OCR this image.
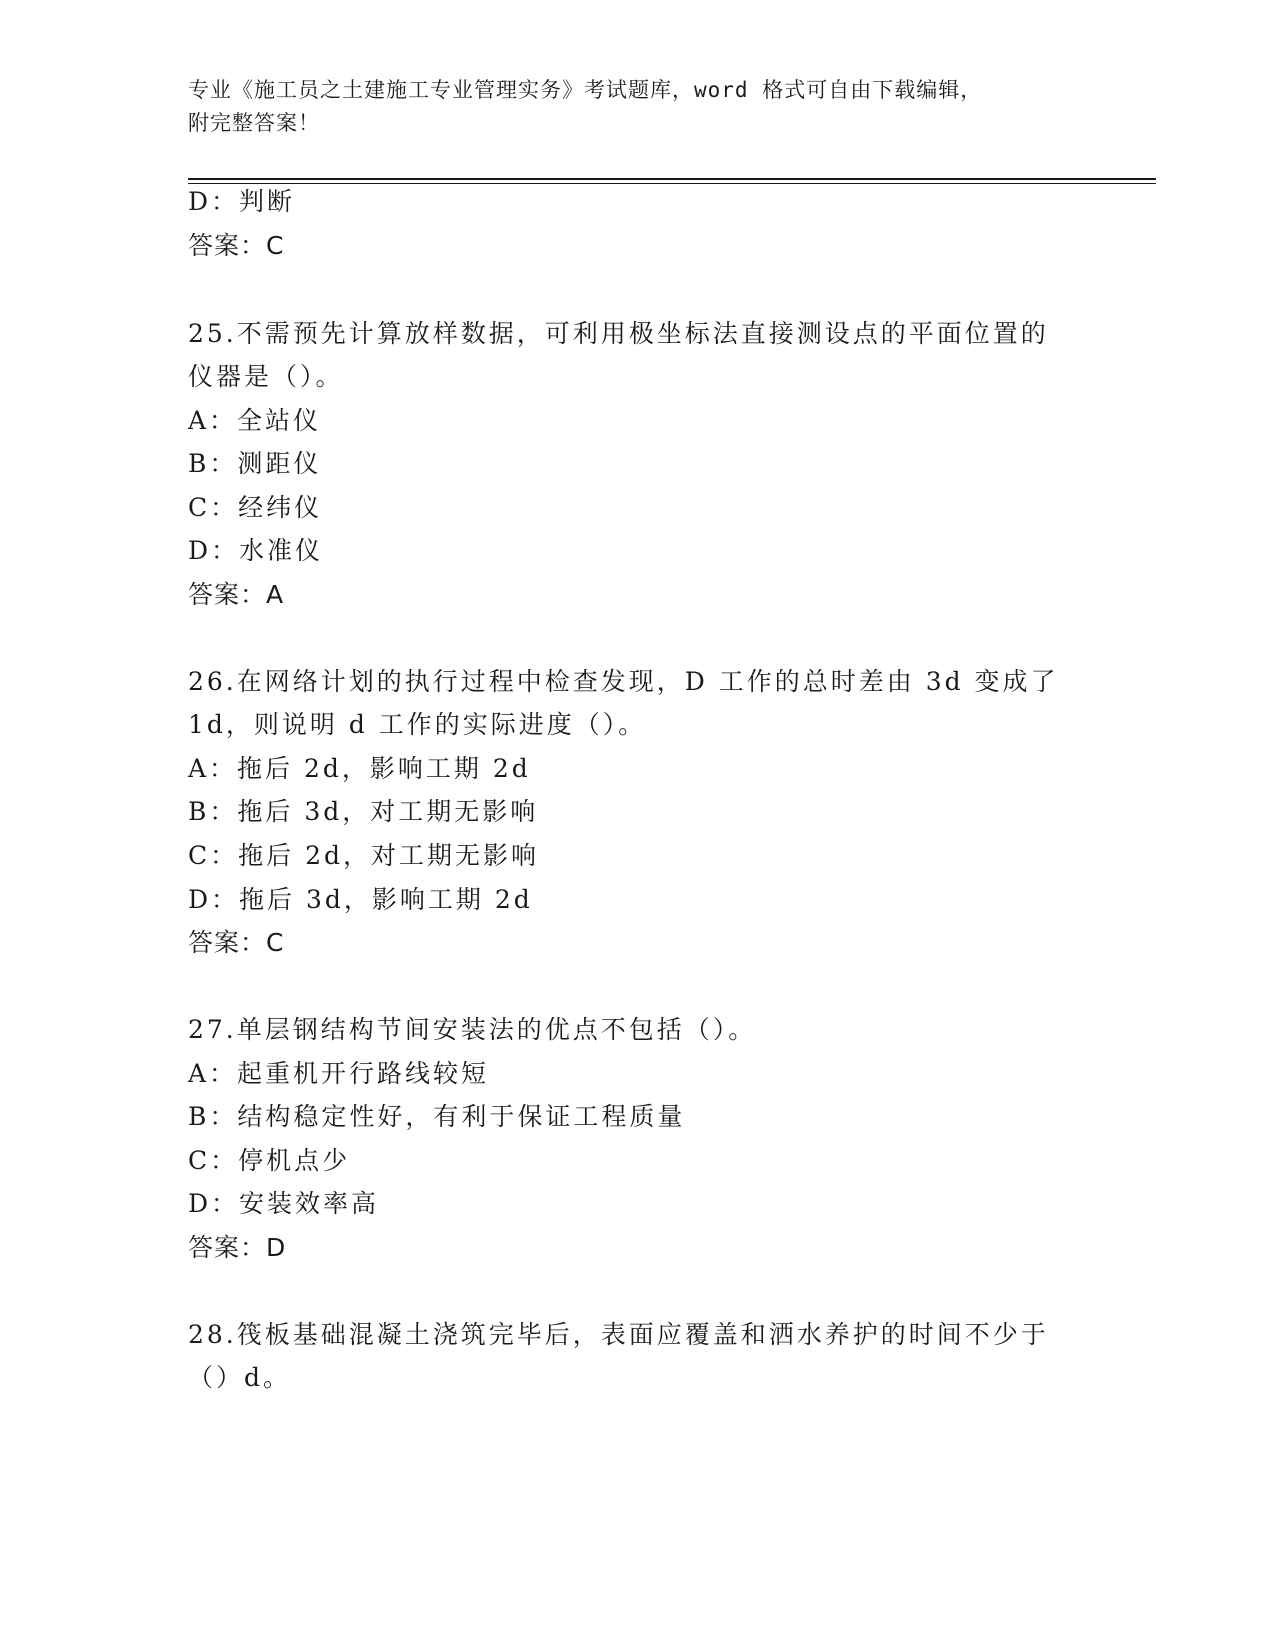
专业《施工员之土建施工专业管理实务》考试题库，word 格式可自由下载编辑，
附完整答案！
D：判断
答案：C
25.不需预先计算放样数据，可利用极坐标法直接测设点的平面位置的
仪器是（）。
A：全站仪
B：测距仪
C：经纬仪
D：水准仪
答案：A
26.在网络计划的执行过程中检查发现，D 工作的总时差由 3d 变成了
1d，则说明 d 工作的实际进度（）。
A：拖后 2d，影响工期 2d
B：拖后 3d，对工期无影响
C：拖后 2d，对工期无影响
D：拖后 3d，影响工期 2d
答案：C
27.单层钢结构节间安装法的优点不包括（）。
A：起重机开行路线较短
B：结构稳定性好，有利于保证工程质量
C：停机点少
D：安装效率高
答案：D
28.筏板基础混凝土浇筑完毕后，表面应覆盖和洒水养护的时间不少于
（）d。
